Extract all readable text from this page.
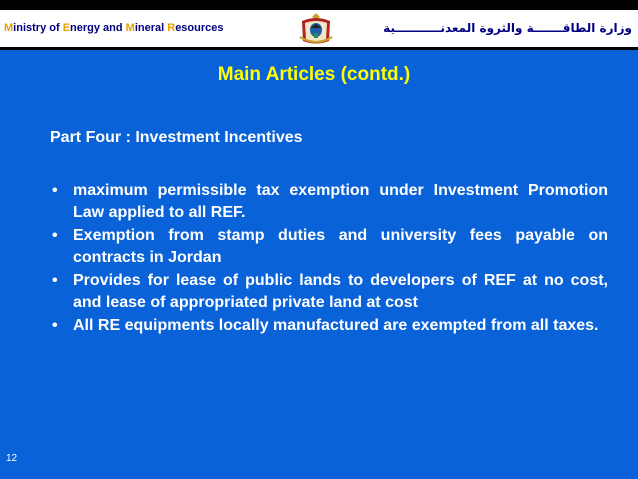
Ministry of Energy and Mineral Resources	وزارة الطاقـــــــة والثروة المعدنـــــــــــية
Main Articles (contd.)
Part Four : Investment Incentives
• maximum permissible tax exemption under Investment Promotion Law applied to all REF.
• Exemption from stamp duties and university fees payable on contracts in Jordan
• Provides for lease of public lands to developers of REF at no cost, and lease of appropriated private land at cost
• All RE equipments locally manufactured are exempted from all taxes.
12
